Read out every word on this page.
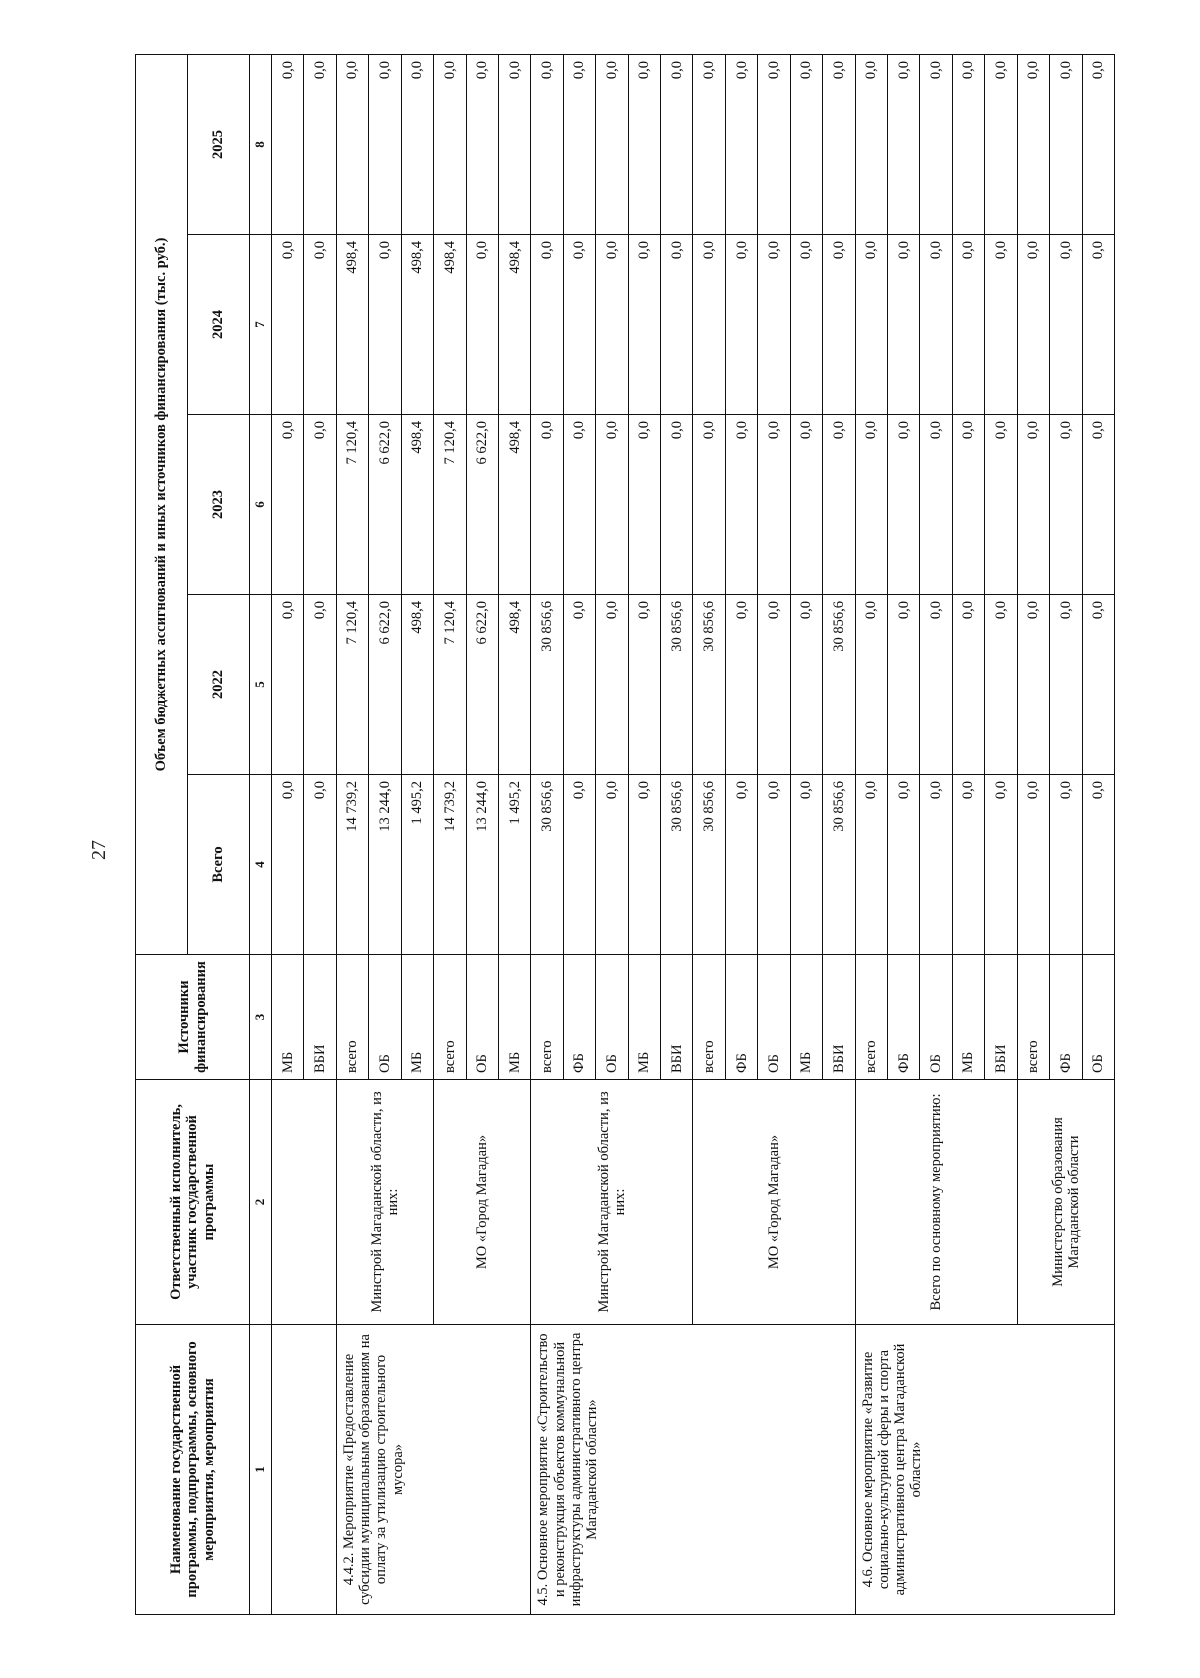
27
Наименование государственной программы, подпрограммы, основного мероприятия, мероприятия	Ответственный исполнитель, участник государственной программы	Источники финансирования	Объем бюджетных ассигнований и иных источников финансирования (тыс. руб.)				
			Всего	2022	2023	2024	2025
1	2	3	4	5	6	7	8
		МБ	0,0	0,0	0,0	0,0	0,0
		ВБИ	0,0	0,0	0,0	0,0	0,0
4.4.2. Мероприятие «Предоставление субсидии муниципальным образованиям на оплату за утилизацию строительного мусора»	Минстрой Магаданской области, из них:	всего	14 739,2	7 120,4	7 120,4	498,4	0,0
		ОБ	13 244,0	6 622,0	6 622,0	0,0	0,0
		МБ	1 495,2	498,4	498,4	498,4	0,0
	МО «Город Магадан»	всего	14 739,2	7 120,4	7 120,4	498,4	0,0
		ОБ	13 244,0	6 622,0	6 622,0	0,0	0,0
		МБ	1 495,2	498,4	498,4	498,4	0,0
4.5. Основное мероприятие «Строительство и реконструкция объектов коммунальной инфраструктуры административного центра Магаданской области»	Минстрой Магаданской области, из них:	всего	30 856,6	30 856,6	0,0	0,0	0,0
		ФБ	0,0	0,0	0,0	0,0	0,0
		ОБ	0,0	0,0	0,0	0,0	0,0
		МБ	0,0	0,0	0,0	0,0	0,0
		ВБИ	30 856,6	30 856,6	0,0	0,0	0,0
	МО «Город Магадан»	всего	30 856,6	30 856,6	0,0	0,0	0,0
		ФБ	0,0	0,0	0,0	0,0	0,0
		ОБ	0,0	0,0	0,0	0,0	0,0
		МБ	0,0	0,0	0,0	0,0	0,0
		ВБИ	30 856,6	30 856,6	0,0	0,0	0,0
4.6. Основное мероприятие «Развитие социально-культурной сферы и спорта административного центра Магаданской области»	Всего по основному мероприятию:	всего	0,0	0,0	0,0	0,0	0,0
		ФБ	0,0	0,0	0,0	0,0	0,0
		ОБ	0,0	0,0	0,0	0,0	0,0
		МБ	0,0	0,0	0,0	0,0	0,0
		ВБИ	0,0	0,0	0,0	0,0	0,0
	Министерство образования Магаданской области	всего	0,0	0,0	0,0	0,0	0,0
		ФБ	0,0	0,0	0,0	0,0	0,0
		ОБ	0,0	0,0	0,0	0,0	0,0
